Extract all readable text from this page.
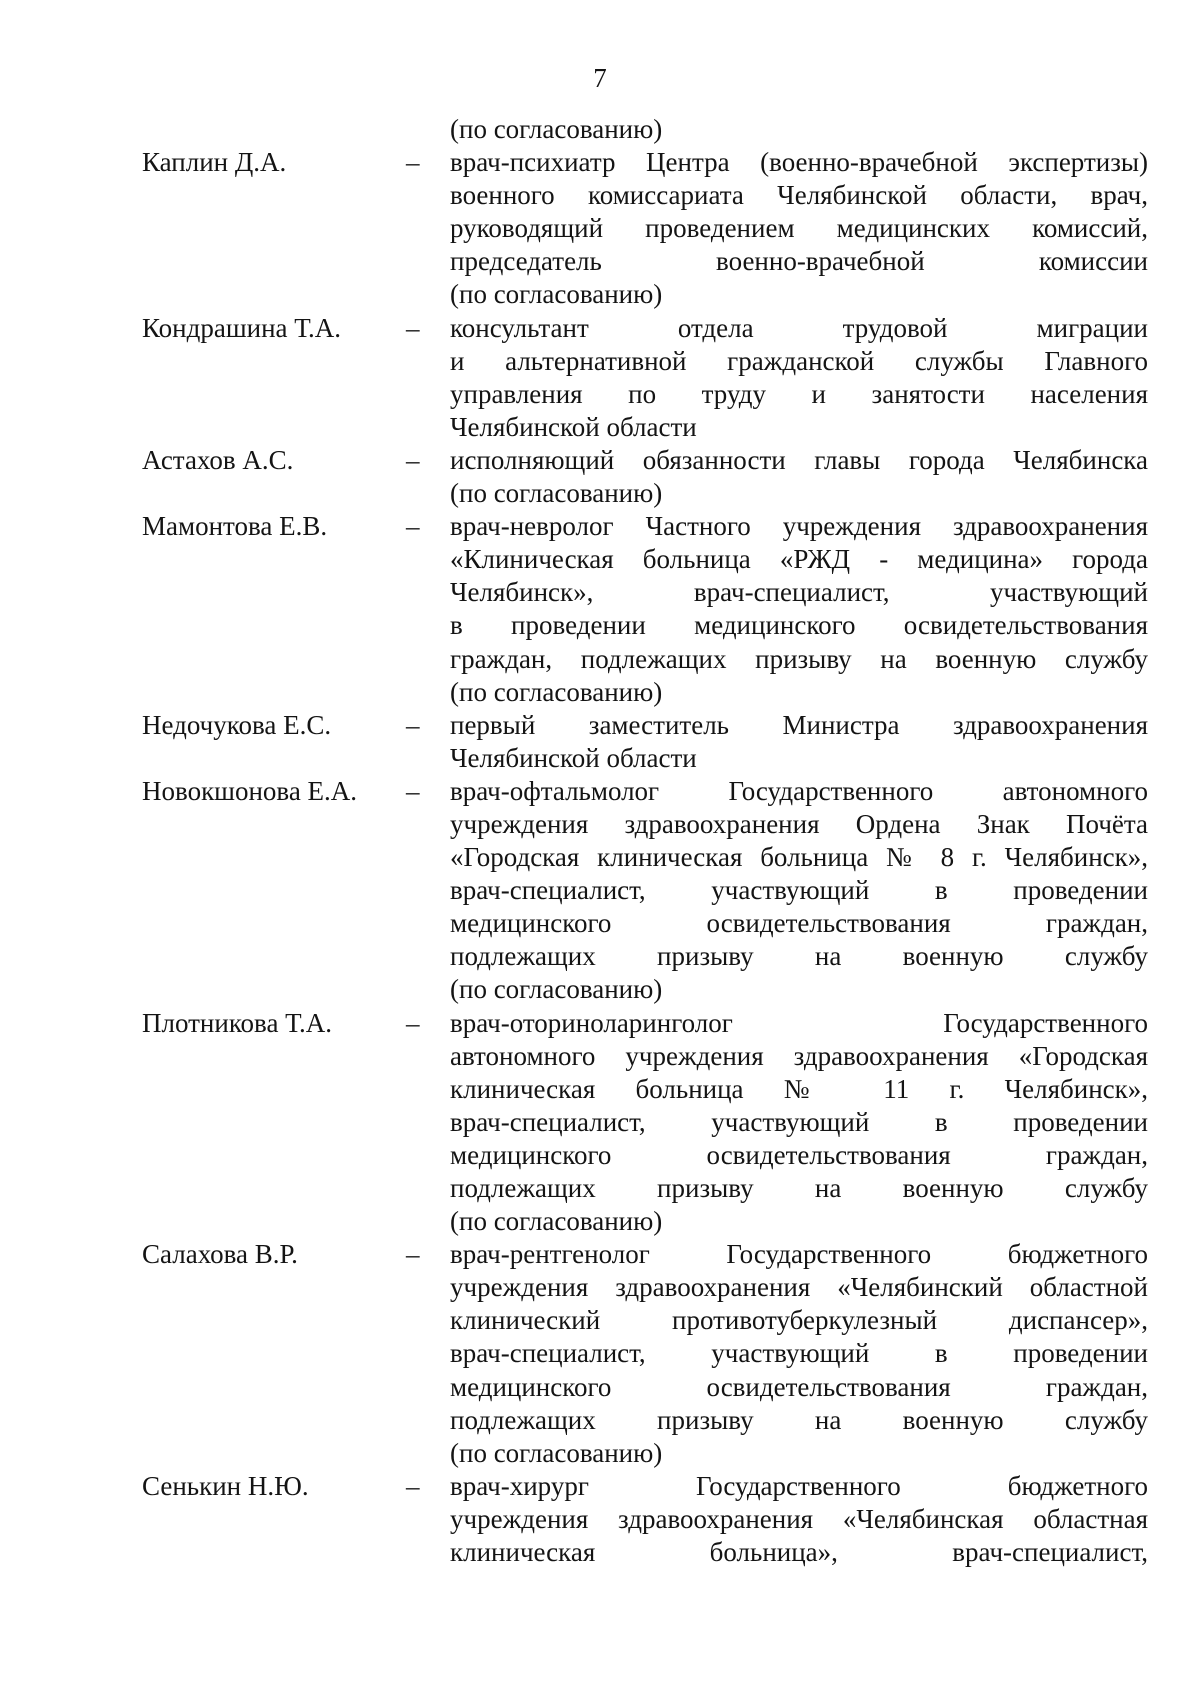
7
(по согласованию)
Каплин Д.А.	– врач-психиатр Центра (военно-врачебной экспертизы)
военного комиссариата Челябинской области, врач,
руководящий проведением медицинских комиссий,
председатель военно-врачебной комиссии
(по согласованию)
Кондрашина Т.А. – консультант отдела трудовой миграции
и альтернативной гражданской службы Главного
управления по труду и занятости населения
Челябинской области
Астахов А.С.	– исполняющий обязанности главы города Челябинска
(по согласованию)
Мамонтова Е.В.	– врач-невролог Частного учреждения здравоохранения
«Клиническая больница «РЖД - медицина» города
Челябинск», врач-специалист, участвующий
в проведении медицинского освидетельствования
граждан, подлежащих призыву на военную службу
(по согласованию)
Недочукова Е.С.	– первый заместитель Министра здравоохранения
Челябинской области
Новокшонова Е.А. – врач-офтальмолог Государственного автономного
учреждения здравоохранения Ордена Знак Почёта
«Городская клиническая больница № 8 г. Челябинск»,
врач-специалист, участвующий в проведении
медицинского освидетельствования граждан,
подлежащих призыву на военную службу
(по согласованию)
Плотникова Т.А.	– врач-оториноларинголог Государственного
автономного учреждения здравоохранения «Городская
клиническая больница № 11 г. Челябинск»,
врач-специалист, участвующий в проведении
медицинского освидетельствования граждан,
подлежащих призыву на военную службу
(по согласованию)
Салахова В.Р.	– врач-рентгенолог Государственного бюджетного
учреждения здравоохранения «Челябинский областной
клинический противотуберкулезный диспансер»,
врач-специалист, участвующий в проведении
медицинского освидетельствования граждан,
подлежащих призыву на военную службу
(по согласованию)
Сенькин Н.Ю.	– врач-хирург Государственного бюджетного
учреждения здравоохранения «Челябинская областная
клиническая больница», врач-специалист,
